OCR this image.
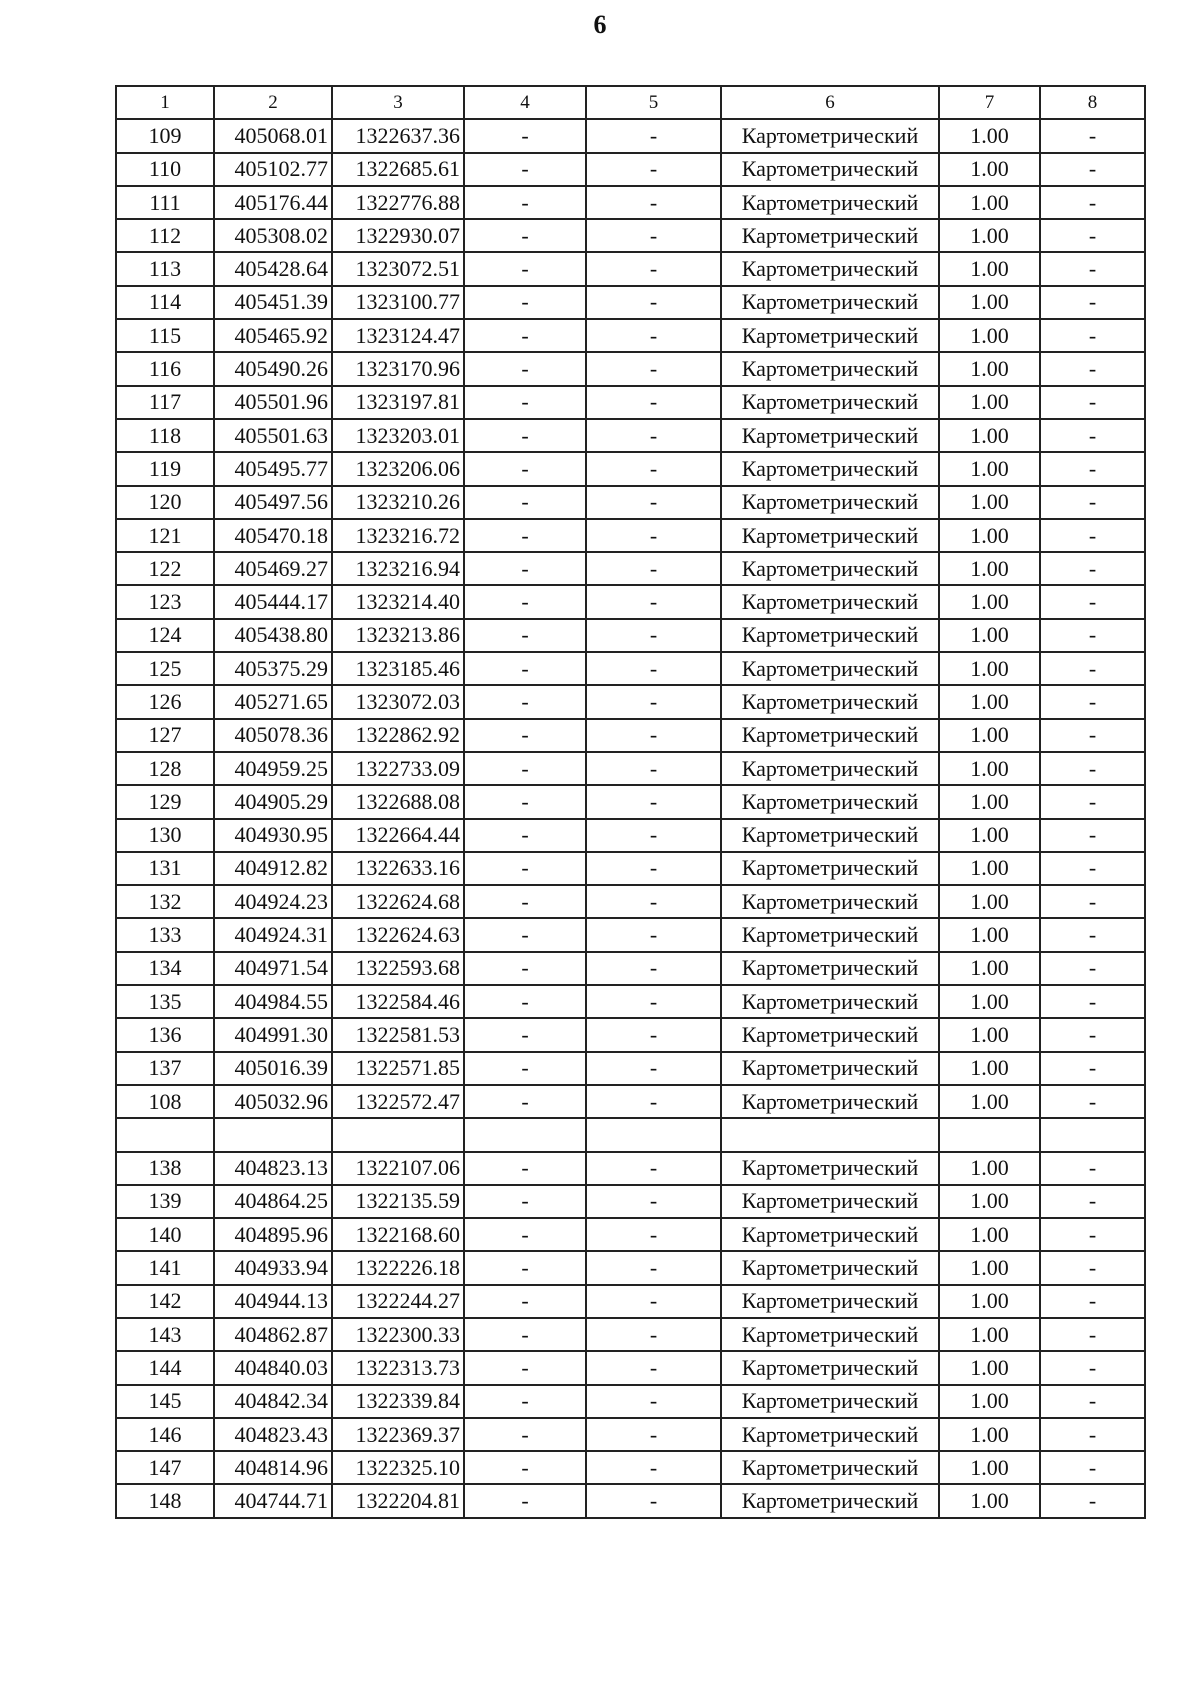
6
1	2	3	4	5	6	7	8
109	405068.01	1322637.36	-	-	Картометрический	1.00	-
110	405102.77	1322685.61	-	-	Картометрический	1.00	-
111	405176.44	1322776.88	-	-	Картометрический	1.00	-
112	405308.02	1322930.07	-	-	Картометрический	1.00	-
113	405428.64	1323072.51	-	-	Картометрический	1.00	-
114	405451.39	1323100.77	-	-	Картометрический	1.00	-
115	405465.92	1323124.47	-	-	Картометрический	1.00	-
116	405490.26	1323170.96	-	-	Картометрический	1.00	-
117	405501.96	1323197.81	-	-	Картометрический	1.00	-
118	405501.63	1323203.01	-	-	Картометрический	1.00	-
119	405495.77	1323206.06	-	-	Картометрический	1.00	-
120	405497.56	1323210.26	-	-	Картометрический	1.00	-
121	405470.18	1323216.72	-	-	Картометрический	1.00	-
122	405469.27	1323216.94	-	-	Картометрический	1.00	-
123	405444.17	1323214.40	-	-	Картометрический	1.00	-
124	405438.80	1323213.86	-	-	Картометрический	1.00	-
125	405375.29	1323185.46	-	-	Картометрический	1.00	-
126	405271.65	1323072.03	-	-	Картометрический	1.00	-
127	405078.36	1322862.92	-	-	Картометрический	1.00	-
128	404959.25	1322733.09	-	-	Картометрический	1.00	-
129	404905.29	1322688.08	-	-	Картометрический	1.00	-
130	404930.95	1322664.44	-	-	Картометрический	1.00	-
131	404912.82	1322633.16	-	-	Картометрический	1.00	-
132	404924.23	1322624.68	-	-	Картометрический	1.00	-
133	404924.31	1322624.63	-	-	Картометрический	1.00	-
134	404971.54	1322593.68	-	-	Картометрический	1.00	-
135	404984.55	1322584.46	-	-	Картометрический	1.00	-
136	404991.30	1322581.53	-	-	Картометрический	1.00	-
137	405016.39	1322571.85	-	-	Картометрический	1.00	-
108	405032.96	1322572.47	-	-	Картометрический	1.00	-

138	404823.13	1322107.06	-	-	Картометрический	1.00	-
139	404864.25	1322135.59	-	-	Картометрический	1.00	-
140	404895.96	1322168.60	-	-	Картометрический	1.00	-
141	404933.94	1322226.18	-	-	Картометрический	1.00	-
142	404944.13	1322244.27	-	-	Картометрический	1.00	-
143	404862.87	1322300.33	-	-	Картометрический	1.00	-
144	404840.03	1322313.73	-	-	Картометрический	1.00	-
145	404842.34	1322339.84	-	-	Картометрический	1.00	-
146	404823.43	1322369.37	-	-	Картометрический	1.00	-
147	404814.96	1322325.10	-	-	Картометрический	1.00	-
148	404744.71	1322204.81	-	-	Картометрический	1.00	-
